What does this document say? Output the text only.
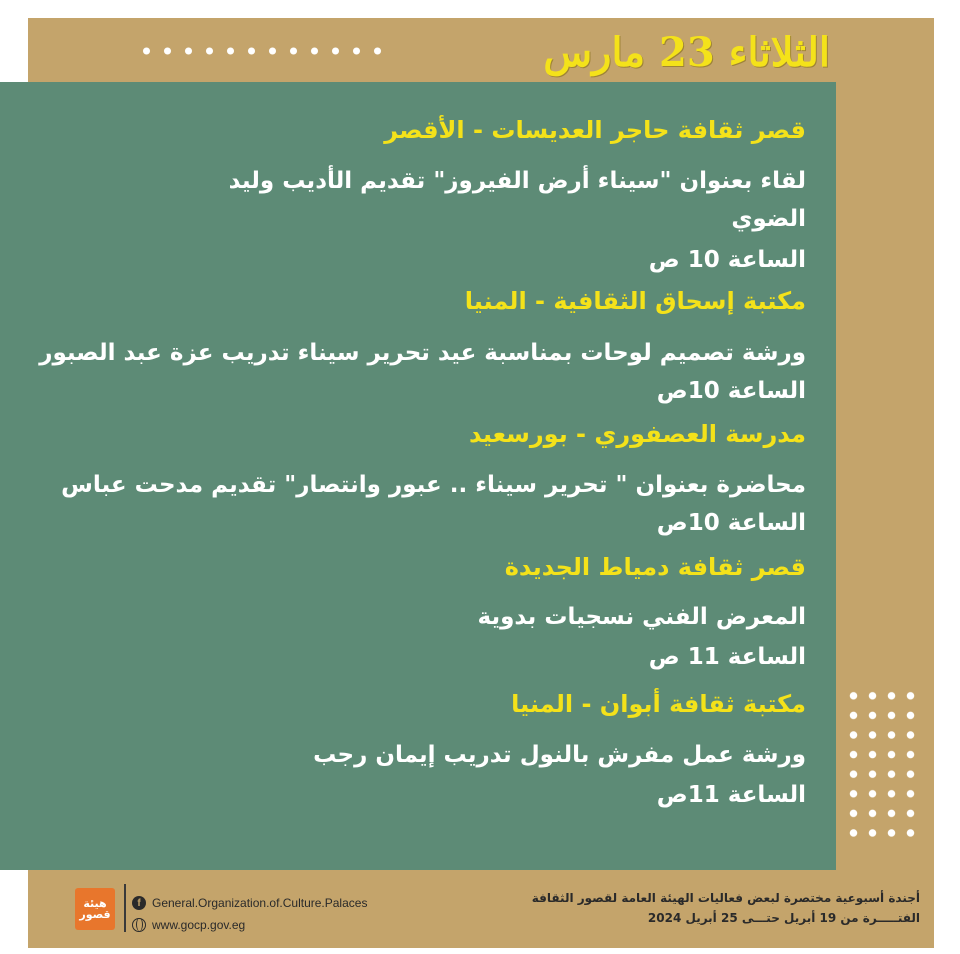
الثلاثاء 23 مارس
قصر ثقافة حاجر العديسات - الأقصر
لقاء بعنوان "سيناء أرض الفيروز" تقديم الأديب وليد
الضوي
الساعة 10 ص
مكتبة إسحاق الثقافية - المنيا
ورشة تصميم لوحات بمناسبة عيد تحرير سيناء تدريب عزة عبد الصبور
الساعة 10ص
مدرسة العصفوري - بورسعيد
محاضرة بعنوان " تحرير سيناء .. عبور وانتصار" تقديم مدحت عباس
الساعة 10ص
قصر ثقافة دمياط الجديدة
المعرض الفني نسجيات بدوية
الساعة 11 ص
مكتبة ثقافة أبوان - المنيا
ورشة عمل مفرش بالنول تدريب إيمان رجب
الساعة 11ص
هيئة قصور
f General.Organization.of.Culture.Palaces
www.gocp.gov.eg
أجندة أسبوعية مختصرة لبعض فعاليات الهيئة العامة لقصور الثقافة
الفتـــــرة من 19 أبريل حتـــى 25 أبريل 2024
